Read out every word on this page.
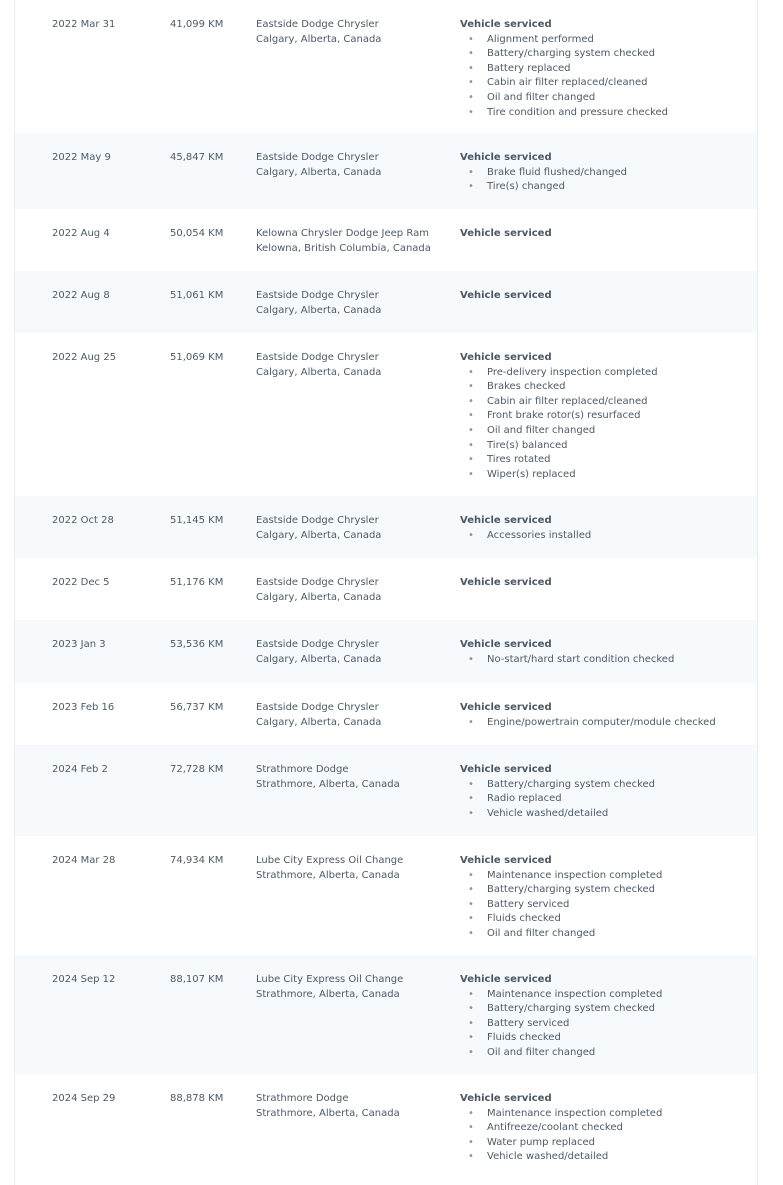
2022 Mar 31	41,099 KM	Eastside Dodge Chrysler
Calgary, Alberta, Canada
Vehicle serviced
• Alignment performed
• Battery/charging system checked
• Battery replaced
• Cabin air filter replaced/cleaned
• Oil and filter changed
• Tire condition and pressure checked
2022 May 9	45,847 KM	Eastside Dodge Chrysler
Calgary, Alberta, Canada
Vehicle serviced
• Brake fluid flushed/changed
• Tire(s) changed
2022 Aug 4	50,054 KM	Kelowna Chrysler Dodge Jeep Ram
Kelowna, British Columbia, Canada
Vehicle serviced
2022 Aug 8	51,061 KM	Eastside Dodge Chrysler
Calgary, Alberta, Canada
Vehicle serviced
2022 Aug 25	51,069 KM	Eastside Dodge Chrysler
Calgary, Alberta, Canada
Vehicle serviced
• Pre-delivery inspection completed
• Brakes checked
• Cabin air filter replaced/cleaned
• Front brake rotor(s) resurfaced
• Oil and filter changed
• Tire(s) balanced
• Tires rotated
• Wiper(s) replaced
2022 Oct 28	51,145 KM	Eastside Dodge Chrysler
Calgary, Alberta, Canada
Vehicle serviced
• Accessories installed
2022 Dec 5	51,176 KM	Eastside Dodge Chrysler
Calgary, Alberta, Canada
Vehicle serviced
2023 Jan 3	53,536 KM	Eastside Dodge Chrysler
Calgary, Alberta, Canada
Vehicle serviced
• No-start/hard start condition checked
2023 Feb 16	56,737 KM	Eastside Dodge Chrysler
Calgary, Alberta, Canada
Vehicle serviced
• Engine/powertrain computer/module checked
2024 Feb 2	72,728 KM	Strathmore Dodge
Strathmore, Alberta, Canada
Vehicle serviced
• Battery/charging system checked
• Radio replaced
• Vehicle washed/detailed
2024 Mar 28	74,934 KM	Lube City Express Oil Change
Strathmore, Alberta, Canada
Vehicle serviced
• Maintenance inspection completed
• Battery/charging system checked
• Battery serviced
• Fluids checked
• Oil and filter changed
2024 Sep 12	88,107 KM	Lube City Express Oil Change
Strathmore, Alberta, Canada
Vehicle serviced
• Maintenance inspection completed
• Battery/charging system checked
• Battery serviced
• Fluids checked
• Oil and filter changed
2024 Sep 29	88,878 KM	Strathmore Dodge
Strathmore, Alberta, Canada
Vehicle serviced
• Maintenance inspection completed
• Antifreeze/coolant checked
• Water pump replaced
• Vehicle washed/detailed
